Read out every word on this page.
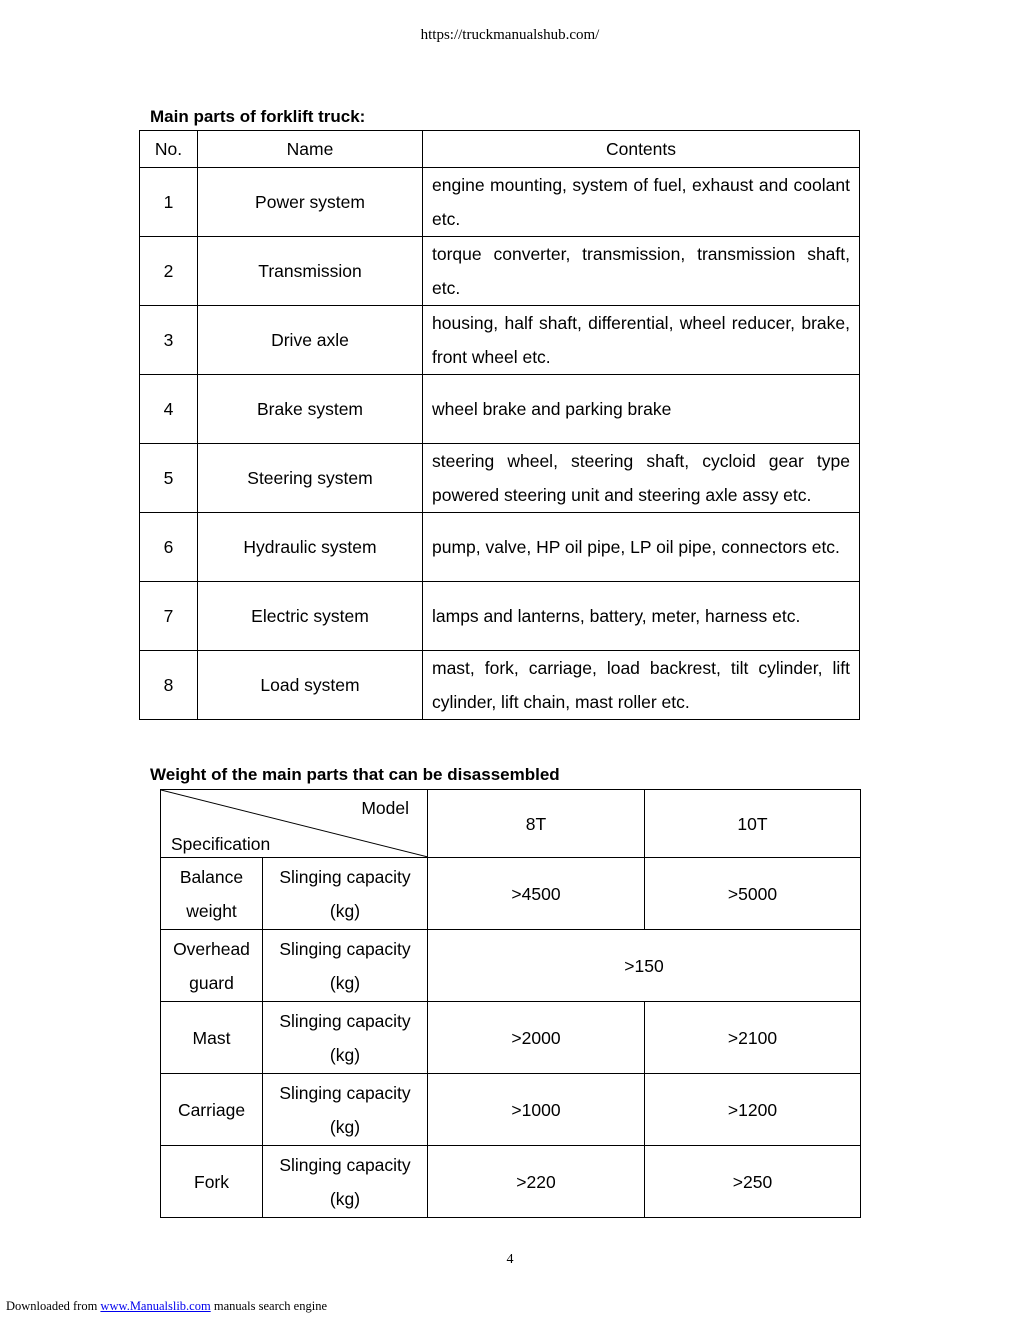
https://truckmanualshub.com/
Main parts of forklift truck:
No.	Name	Contents
1	Power system	engine mounting, system of fuel, exhaust and coolant etc.
2	Transmission	torque converter, transmission, transmission shaft, etc.
3	Drive axle	housing, half shaft, differential, wheel reducer, brake, front wheel etc.
4	Brake system	wheel brake and parking brake
5	Steering system	steering wheel, steering shaft, cycloid gear type powered steering unit and steering axle assy etc.
6	Hydraulic system	pump, valve, HP oil pipe, LP oil pipe, connectors etc.
7	Electric system	lamps and lanterns, battery, meter, harness etc.
8	Load system	mast, fork, carriage, load backrest, tilt cylinder, lift cylinder, lift chain, mast roller etc.
Weight of the main parts that can be disassembled
Model
Specification		8T	10T
Balance weight	Slinging capacity (kg)	>4500	>5000
Overhead guard	Slinging capacity (kg)	>150	
Mast	Slinging capacity (kg)	>2000	>2100
Carriage	Slinging capacity (kg)	>1000	>1200
Fork	Slinging capacity (kg)	>220	>250
4
Downloaded from www.Manualslib.com manuals search engine
